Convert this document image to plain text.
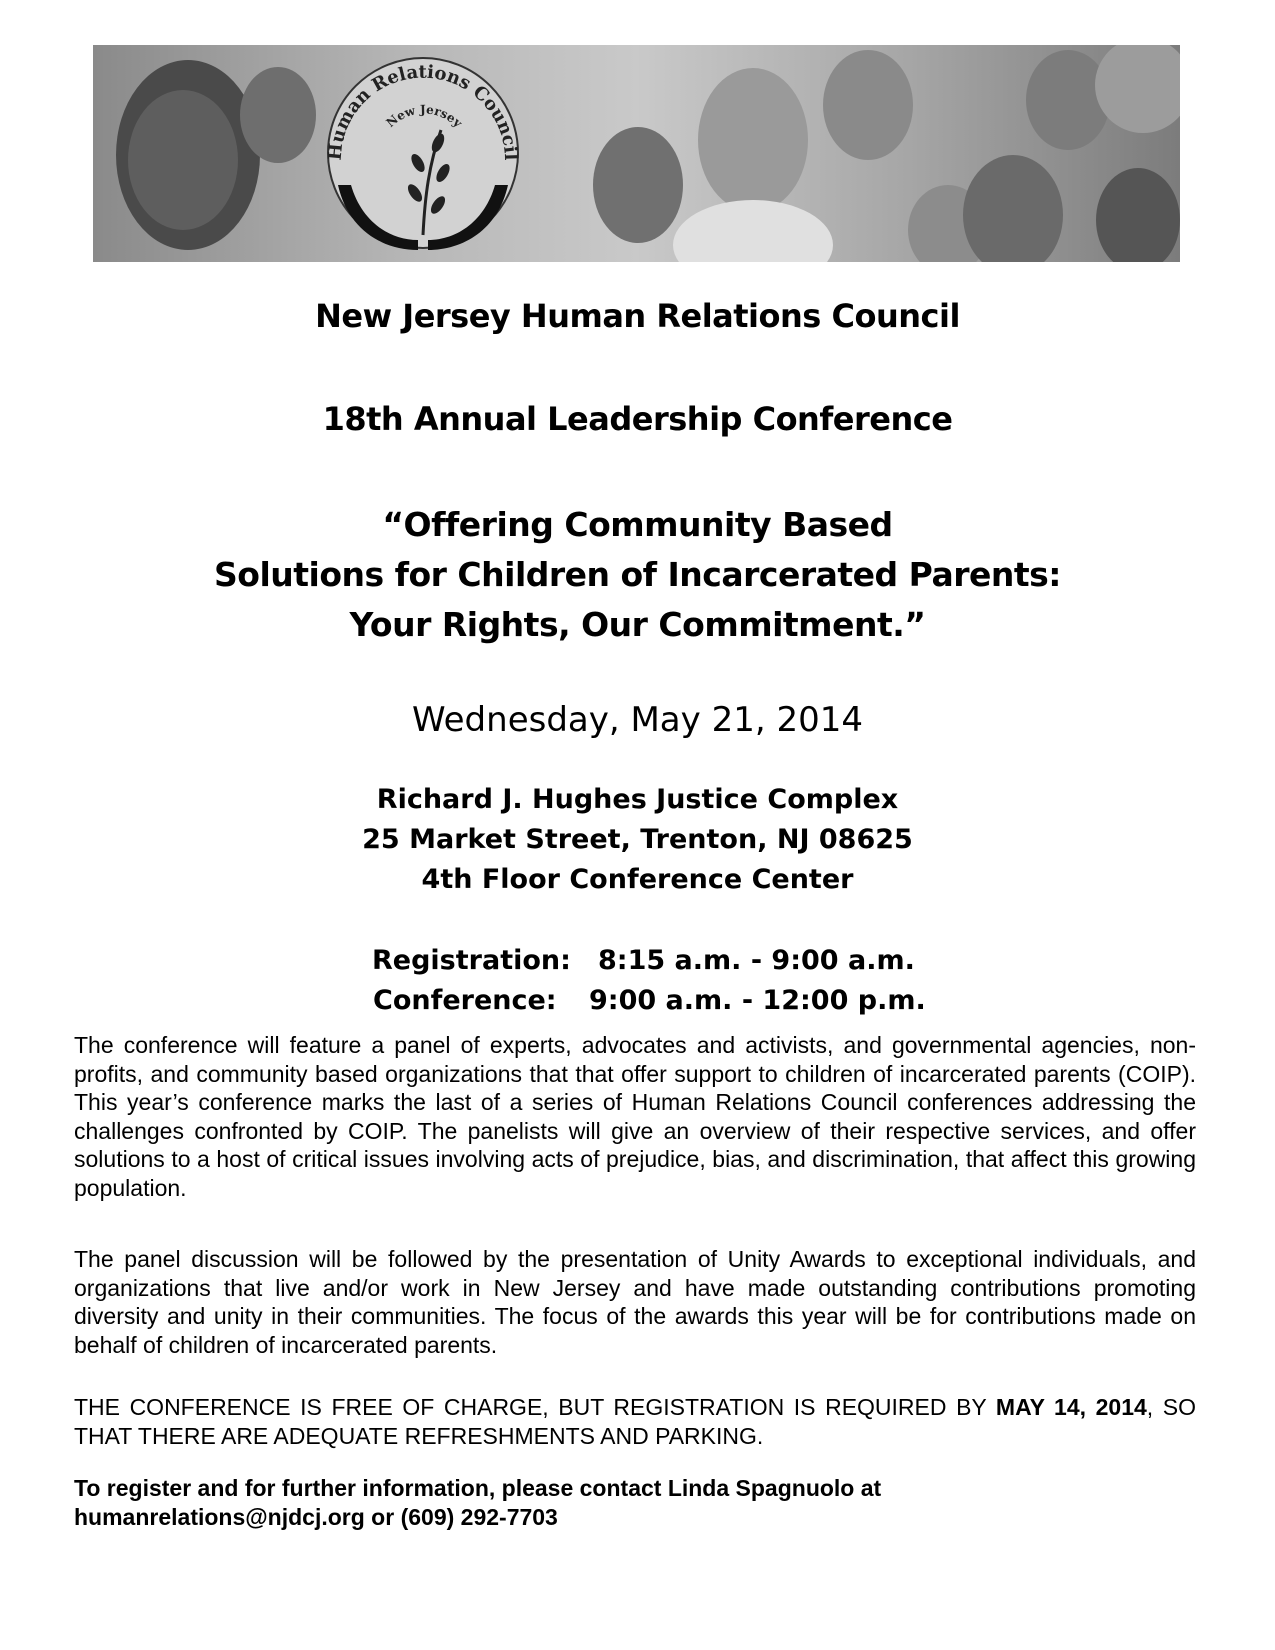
Human Relations Council
New Jersey
New Jersey Human Relations Council
18th Annual Leadership Conference
“Offering Community Based
Solutions for Children of Incarcerated Parents:
Your Rights, Our Commitment.”
Wednesday, May 21, 2014
Richard J. Hughes Justice Complex
25 Market Street, Trenton, NJ 08625
4th Floor Conference Center
Registration: 8:15 a.m. - 9:00 a.m.
Conference: 9:00 a.m. - 12:00 p.m.
The conference will feature a panel of experts, advocates and activists, and governmental agencies, non-profits, and community based organizations that that offer support to children of incarcerated parents (COIP). This year’s conference marks the last of a series of Human Relations Council conferences addressing the challenges confronted by COIP. The panelists will give an overview of their respective services, and offer solutions to a host of critical issues involving acts of prejudice, bias, and discrimination, that affect this growing population.
The panel discussion will be followed by the presentation of Unity Awards to exceptional individuals, and organizations that live and/or work in New Jersey and have made outstanding contributions promoting diversity and unity in their communities. The focus of the awards this year will be for contributions made on behalf of children of incarcerated parents.
THE CONFERENCE IS FREE OF CHARGE, BUT REGISTRATION IS REQUIRED BY MAY 14, 2014, SO THAT THERE ARE ADEQUATE REFRESHMENTS AND PARKING.
To register and for further information, please contact Linda Spagnuolo at
humanrelations@njdcj.org or (609) 292-7703
